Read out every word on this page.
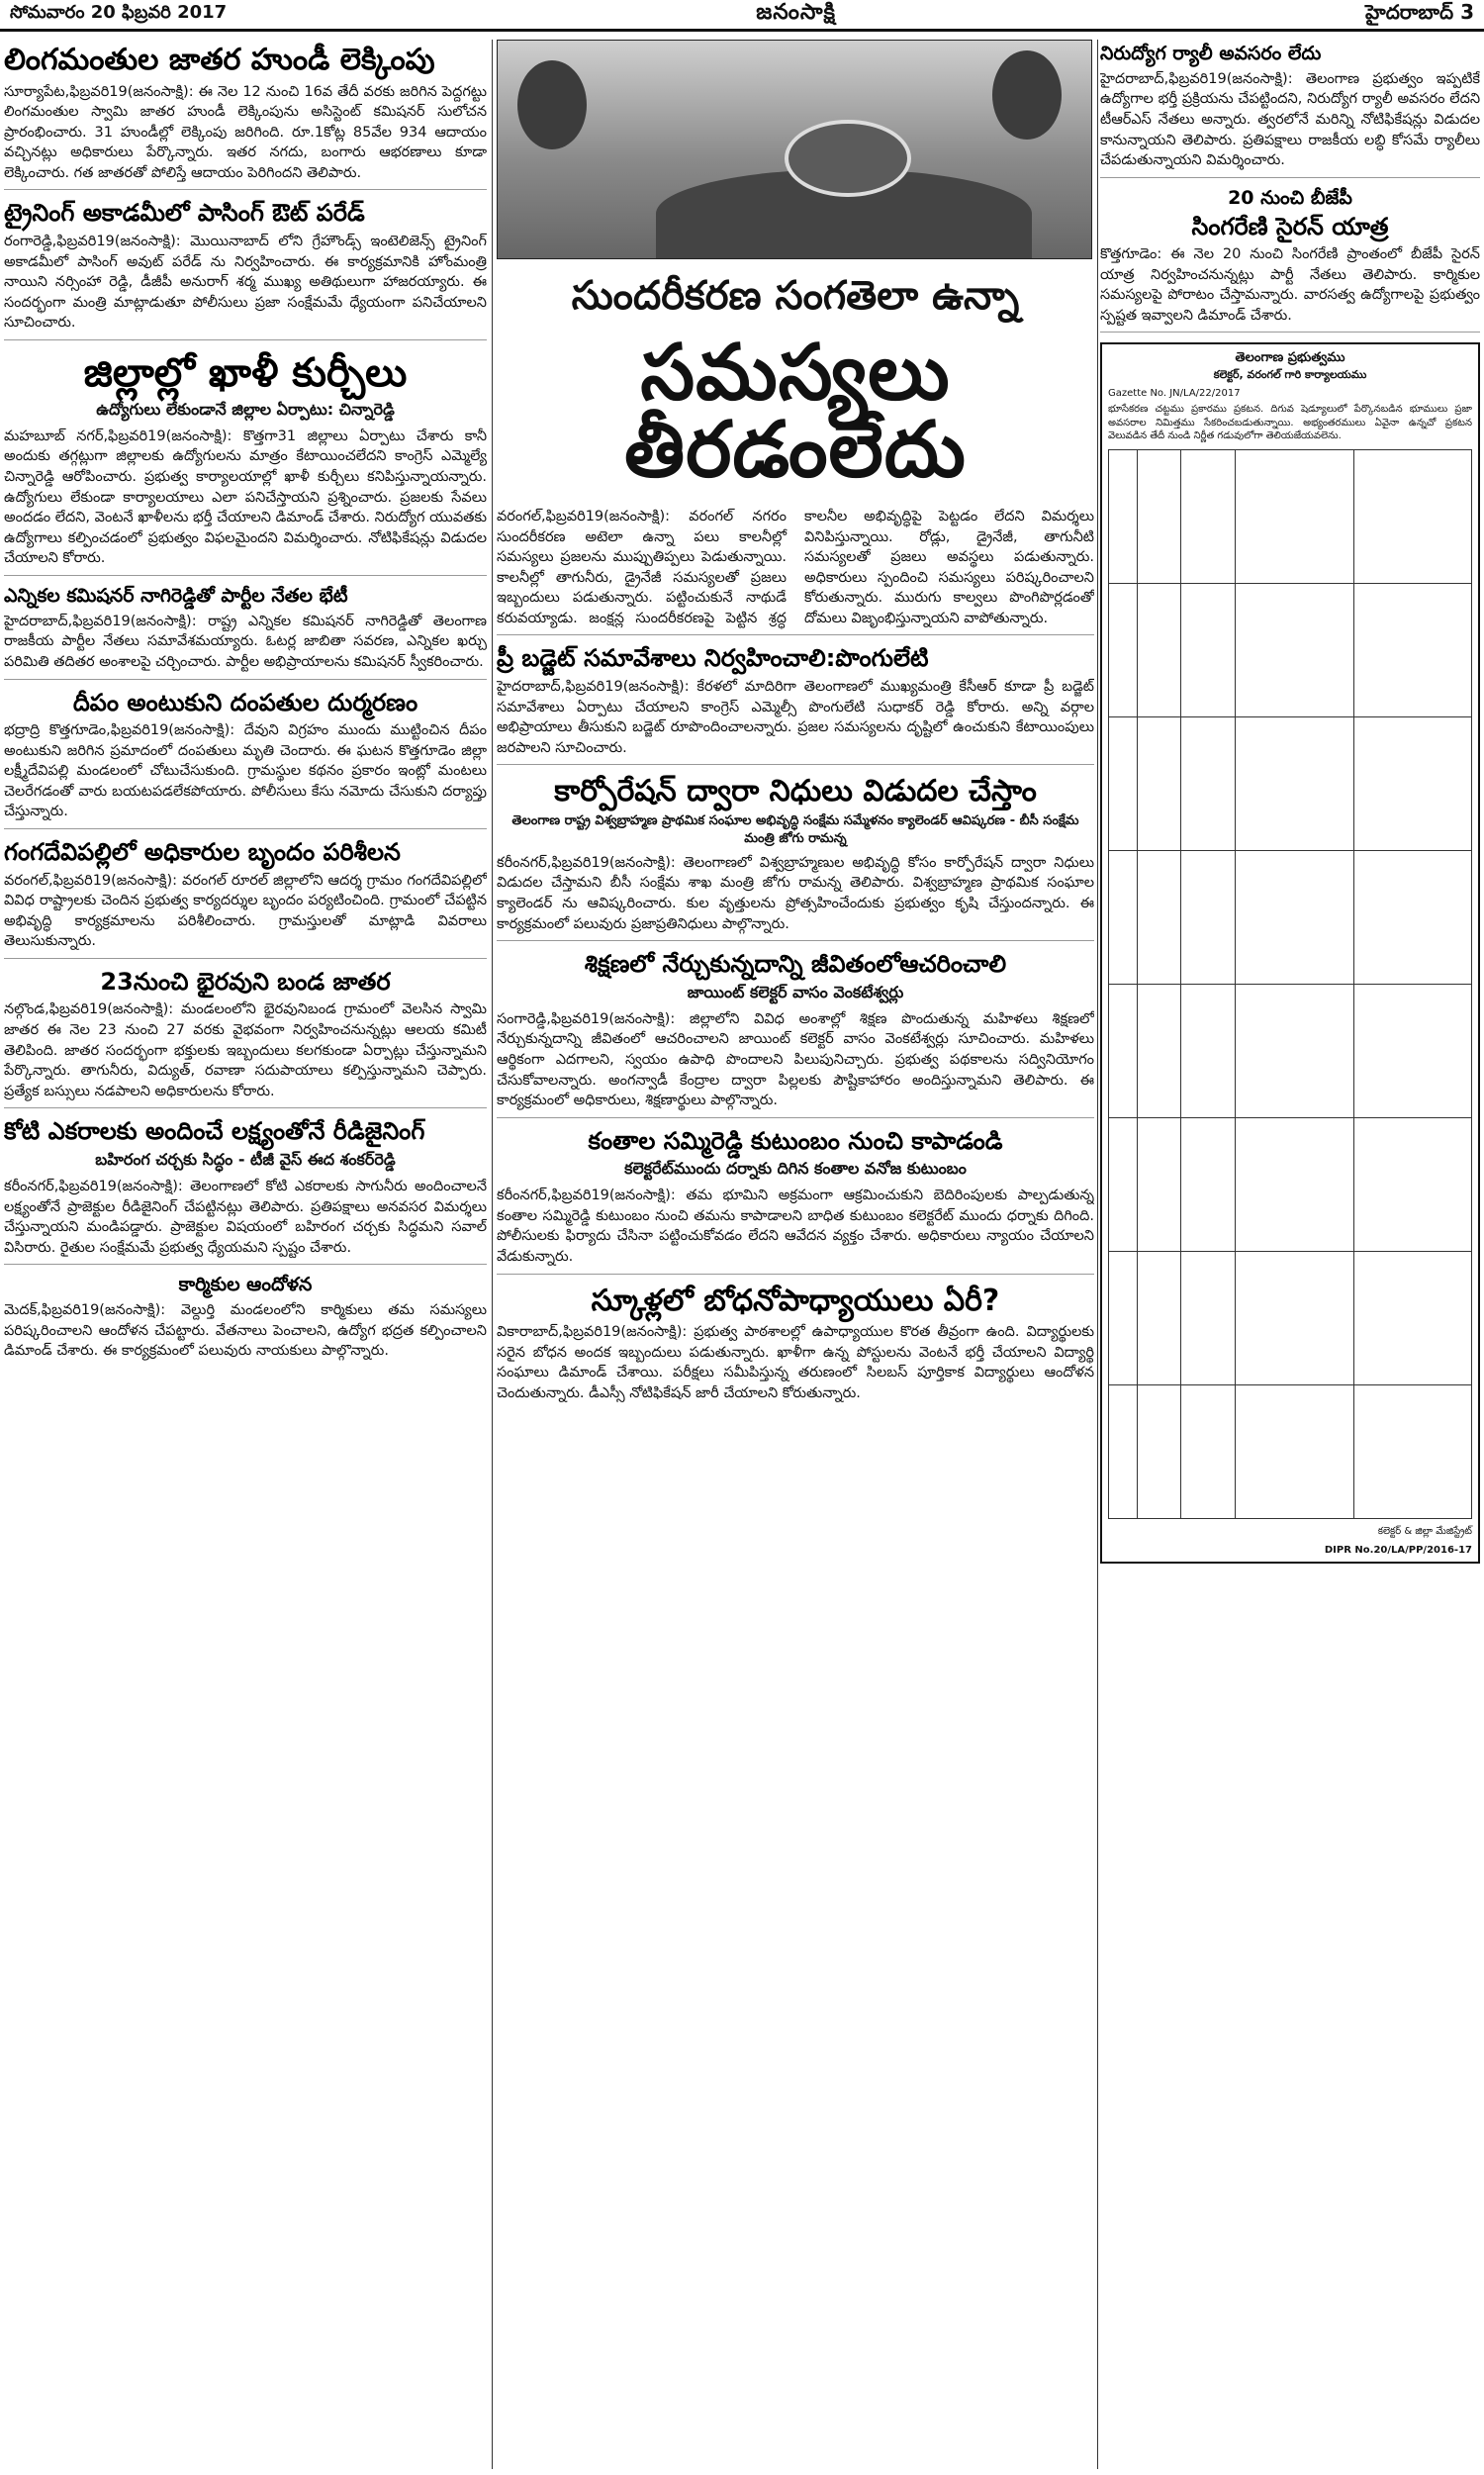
సోమవారం 20 ఫిబ్రవరి 2017	జనంసాక్షి	హైదరాబాద్ 3
లింగమంతుల జాతర హుండీ లెక్కింపు
సూర్యాపేట,ఫిబ్రవరి19(జనంసాక్షి): ఈ నెల 12 నుంచి 16వ తేదీ వరకు జరిగిన పెద్దగట్టు లింగమంతుల స్వామి జాతర హుండీ లెక్కింపును అసిస్టెంట్ కమిషనర్ సులోచన ప్రారంభించారు. 31 హుండీల్లో లెక్కింపు జరిగింది. రూ.1కోట్ల 85వేల 934 ఆదాయం వచ్చినట్లు అధికారులు పేర్కొన్నారు. ఇతర నగదు, బంగారు ఆభరణాలు కూడా లెక్కించారు. గత జాతరతో పోలిస్తే ఆదాయం పెరిగిందని తెలిపారు.
ట్రైనింగ్ అకాడమీలో పాసింగ్ ఔట్ పరేడ్
రంగారెడ్డి,ఫిబ్రవరి19(జనంసాక్షి): మొయినాబాద్ లోని గ్రేహౌండ్స్ ఇంటెలిజెన్స్ ట్రైనింగ్ అకాడమీలో పాసింగ్ అవుట్ పరేడ్ ను నిర్వహించారు. ఈ కార్యక్రమానికి హోంమంత్రి నాయిని నర్సింహా రెడ్డి, డీజీపీ అనురాగ్ శర్మ ముఖ్య అతిథులుగా హాజరయ్యారు. ఈ సందర్భంగా మంత్రి మాట్లాడుతూ పోలీసులు ప్రజా సంక్షేమమే ధ్యేయంగా పనిచేయాలని సూచించారు.
జిల్లాల్లో ఖాళీ కుర్చీలు
ఉద్యోగులు లేకుండానే జిల్లాల ఏర్పాటు: చిన్నారెడ్డి
మహబూబ్ నగర్,ఫిబ్రవరి19(జనంసాక్షి): కొత్తగా31 జిల్లాలు ఏర్పాటు చేశారు కానీ అందుకు తగ్గట్లుగా జిల్లాలకు ఉద్యోగులను మాత్రం కేటాయించలేదని కాంగ్రెస్ ఎమ్మెల్యే చిన్నారెడ్డి ఆరోపించారు. ప్రభుత్వ కార్యాలయాల్లో ఖాళీ కుర్చీలు కనిపిస్తున్నాయన్నారు. ఉద్యోగులు లేకుండా కార్యాలయాలు ఎలా పనిచేస్తాయని ప్రశ్నించారు. ప్రజలకు సేవలు అందడం లేదని, వెంటనే ఖాళీలను భర్తీ చేయాలని డిమాండ్ చేశారు. నిరుద్యోగ యువతకు ఉద్యోగాలు కల్పించడంలో ప్రభుత్వం విఫలమైందని విమర్శించారు. నోటిఫికేషన్లు విడుదల చేయాలని కోరారు.
ఎన్నికల కమిషనర్ నాగిరెడ్డితో పార్టీల నేతల భేటీ
హైదరాబాద్,ఫిబ్రవరి19(జనంసాక్షి): రాష్ట్ర ఎన్నికల కమిషనర్ నాగిరెడ్డితో తెలంగాణ రాజకీయ పార్టీల నేతలు సమావేశమయ్యారు. ఓటర్ల జాబితా సవరణ, ఎన్నికల ఖర్చు పరిమితి తదితర అంశాలపై చర్చించారు. పార్టీల అభిప్రాయాలను కమిషనర్ స్వీకరించారు.
దీపం అంటుకుని దంపతుల దుర్మరణం
భద్రాద్రి కొత్తగూడెం,ఫిబ్రవరి19(జనంసాక్షి): దేవుని విగ్రహం ముందు ముట్టించిన దీపం అంటుకుని జరిగిన ప్రమాదంలో దంపతులు మృతి చెందారు. ఈ ఘటన కొత్తగూడెం జిల్లా లక్ష్మీదేవిపల్లి మండలంలో చోటుచేసుకుంది. గ్రామస్థుల కథనం ప్రకారం ఇంట్లో మంటలు చెలరేగడంతో వారు బయటపడలేకపోయారు. పోలీసులు కేసు నమోదు చేసుకుని దర్యాప్తు చేస్తున్నారు.
గంగదేవిపల్లిలో అధికారుల బృందం పరిశీలన
వరంగల్,ఫిబ్రవరి19(జనంసాక్షి): వరంగల్ రూరల్ జిల్లాలోని ఆదర్శ గ్రామం గంగదేవిపల్లిలో వివిధ రాష్ట్రాలకు చెందిన ప్రభుత్వ కార్యదర్శుల బృందం పర్యటించింది. గ్రామంలో చేపట్టిన అభివృద్ధి కార్యక్రమాలను పరిశీలించారు. గ్రామస్తులతో మాట్లాడి వివరాలు తెలుసుకున్నారు.
23నుంచి భైరవుని బండ జాతర
నల్గొండ,ఫిబ్రవరి19(జనంసాక్షి): మండలంలోని భైరవునిబండ గ్రామంలో వెలసిన స్వామి జాతర ఈ నెల 23 నుంచి 27 వరకు వైభవంగా నిర్వహించనున్నట్లు ఆలయ కమిటీ తెలిపింది. జాతర సందర్భంగా భక్తులకు ఇబ్బందులు కలగకుండా ఏర్పాట్లు చేస్తున్నామని పేర్కొన్నారు. తాగునీరు, విద్యుత్, రవాణా సదుపాయాలు కల్పిస్తున్నామని చెప్పారు. ప్రత్యేక బస్సులు నడపాలని అధికారులను కోరారు.
కోటి ఎకరాలకు అందించే లక్ష్యంతోనే రీడిజైనింగ్
బహిరంగ చర్చకు సిద్ధం - టీజీ వైస్ ఈద శంకర్‌రెడ్డి
కరీంనగర్,ఫిబ్రవరి19(జనంసాక్షి): తెలంగాణలో కోటి ఎకరాలకు సాగునీరు అందించాలనే లక్ష్యంతోనే ప్రాజెక్టుల రీడిజైనింగ్ చేపట్టినట్లు తెలిపారు. ప్రతిపక్షాలు అనవసర విమర్శలు చేస్తున్నాయని మండిపడ్డారు. ప్రాజెక్టుల విషయంలో బహిరంగ చర్చకు సిద్ధమని సవాల్ విసిరారు. రైతుల సంక్షేమమే ప్రభుత్వ ధ్యేయమని స్పష్టం చేశారు.
కార్మికుల ఆందోళన
మెదక్,ఫిబ్రవరి19(జనంసాక్షి): వెల్దుర్తి మండలంలోని కార్మికులు తమ సమస్యలు పరిష్కరించాలని ఆందోళన చేపట్టారు. వేతనాలు పెంచాలని, ఉద్యోగ భద్రత కల్పించాలని డిమాండ్ చేశారు. ఈ కార్యక్రమంలో పలువురు నాయకులు పాల్గొన్నారు.
సుందరీకరణ సంగతెలా ఉన్నా
సమస్యలు తీరడంలేదు
వరంగల్,ఫిబ్రవరి19(జనంసాక్షి): వరంగల్ నగరం సుందరీకరణ అటెలా ఉన్నా పలు కాలనీల్లో సమస్యలు ప్రజలను ముప్పుతిప్పలు పెడుతున్నాయి. కాలనీల్లో తాగునీరు, డ్రైనేజీ సమస్యలతో ప్రజలు ఇబ్బందులు పడుతున్నారు. పట్టించుకునే నాథుడే కరువయ్యాడు. జంక్షన్ల సుందరీకరణపై పెట్టిన శ్రద్ధ కాలనీల అభివృద్ధిపై పెట్టడం లేదని విమర్శలు వినిపిస్తున్నాయి. రోడ్లు, డ్రైనేజీ, తాగునీటి సమస్యలతో ప్రజలు అవస్థలు పడుతున్నారు. అధికారులు స్పందించి సమస్యలు పరిష్కరించాలని కోరుతున్నారు. మురుగు కాల్వలు పొంగిపొర్లడంతో దోమలు విజృంభిస్తున్నాయని వాపోతున్నారు.
ప్రీ బడ్జెట్ సమావేశాలు నిర్వహించాలి:పొంగులేటి
హైదరాబాద్,ఫిబ్రవరి19(జనంసాక్షి): కేరళలో మాదిరిగా తెలంగాణలో ముఖ్యమంత్రి కేసీఆర్ కూడా ప్రీ బడ్జెట్ సమావేశాలు ఏర్పాటు చేయాలని కాంగ్రెస్ ఎమ్మెల్సీ పొంగులేటి సుధాకర్ రెడ్డి కోరారు. అన్ని వర్గాల అభిప్రాయాలు తీసుకుని బడ్జెట్ రూపొందించాలన్నారు. ప్రజల సమస్యలను దృష్టిలో ఉంచుకుని కేటాయింపులు జరపాలని సూచించారు.
కార్పోరేషన్ ద్వారా నిధులు విడుదల చేస్తాం
తెలంగాణ రాష్ట్ర విశ్వబ్రాహ్మణ ప్రాథమిక సంఘాల అభివృద్ధి సంక్షేమ సమ్మేళనం క్యాలెండర్ ఆవిష్కరణ - బీసీ సంక్షేమ మంత్రి జోగు రామన్న
కరీంనగర్,ఫిబ్రవరి19(జనంసాక్షి): తెలంగాణలో విశ్వబ్రాహ్మణుల అభివృద్ధి కోసం కార్పోరేషన్ ద్వారా నిధులు విడుదల చేస్తామని బీసీ సంక్షేమ శాఖ మంత్రి జోగు రామన్న తెలిపారు. విశ్వబ్రాహ్మణ ప్రాథమిక సంఘాల క్యాలెండర్ ను ఆవిష్కరించారు. కుల వృత్తులను ప్రోత్సహించేందుకు ప్రభుత్వం కృషి చేస్తుందన్నారు. ఈ కార్యక్రమంలో పలువురు ప్రజాప్రతినిధులు పాల్గొన్నారు.
శిక్షణలో నేర్చుకున్నదాన్ని జీవితంలోఆచరించాలి
జాయింట్ కలెక్టర్ వాసం వెంకటేశ్వర్లు
సంగారెడ్డి,ఫిబ్రవరి19(జనంసాక్షి): జిల్లాలోని వివిధ అంశాల్లో శిక్షణ పొందుతున్న మహిళలు శిక్షణలో నేర్చుకున్నదాన్ని జీవితంలో ఆచరించాలని జాయింట్ కలెక్టర్ వాసం వెంకటేశ్వర్లు సూచించారు. మహిళలు ఆర్థికంగా ఎదగాలని, స్వయం ఉపాధి పొందాలని పిలుపునిచ్చారు. ప్రభుత్వ పథకాలను సద్వినియోగం చేసుకోవాలన్నారు. అంగన్వాడీ కేంద్రాల ద్వారా పిల్లలకు పౌష్టికాహారం అందిస్తున్నామని తెలిపారు. ఈ కార్యక్రమంలో అధికారులు, శిక్షణార్థులు పాల్గొన్నారు.
కంతాల సమ్మిరెడ్డి కుటుంబం నుంచి కాపాడండి
కలెక్టరేట్‌ముందు దర్నాకు దిగిన కంతాల వనోజ కుటుంబం
కరీంనగర్,ఫిబ్రవరి19(జనంసాక్షి): తమ భూమిని అక్రమంగా ఆక్రమించుకుని బెదిరింపులకు పాల్పడుతున్న కంతాల సమ్మిరెడ్డి కుటుంబం నుంచి తమను కాపాడాలని బాధిత కుటుంబం కలెక్టరేట్ ముందు ధర్నాకు దిగింది. పోలీసులకు ఫిర్యాదు చేసినా పట్టించుకోవడం లేదని ఆవేదన వ్యక్తం చేశారు. అధికారులు న్యాయం చేయాలని వేడుకున్నారు.
స్కూళ్లలో బోధనోపాధ్యాయులు ఏరీ?
వికారాబాద్,ఫిబ్రవరి19(జనంసాక్షి): ప్రభుత్వ పాఠశాలల్లో ఉపాధ్యాయుల కొరత తీవ్రంగా ఉంది. విద్యార్థులకు సరైన బోధన అందక ఇబ్బందులు పడుతున్నారు. ఖాళీగా ఉన్న పోస్టులను వెంటనే భర్తీ చేయాలని విద్యార్థి సంఘాలు డిమాండ్ చేశాయి. పరీక్షలు సమీపిస్తున్న తరుణంలో సిలబస్ పూర్తికాక విద్యార్థులు ఆందోళన చెందుతున్నారు. డీఎస్సీ నోటిఫికేషన్ జారీ చేయాలని కోరుతున్నారు.
నిరుద్యోగ ర్యాలీ అవసరం లేదు
హైదరాబాద్,ఫిబ్రవరి19(జనంసాక్షి): తెలంగాణ ప్రభుత్వం ఇప్పటికే ఉద్యోగాల భర్తీ ప్రక్రియను చేపట్టిందని, నిరుద్యోగ ర్యాలీ అవసరం లేదని టీఆర్ఎస్ నేతలు అన్నారు. త్వరలోనే మరిన్ని నోటిఫికేషన్లు విడుదల కానున్నాయని తెలిపారు. ప్రతిపక్షాలు రాజకీయ లబ్ధి కోసమే ర్యాలీలు చేపడుతున్నాయని విమర్శించారు.
20 నుంచి బీజేపీ
సింగరేణి సైరన్ యాత్ర
కొత్తగూడెం: ఈ నెల 20 నుంచి సింగరేణి ప్రాంతంలో బీజేపీ సైరన్ యాత్ర నిర్వహించనున్నట్లు పార్టీ నేతలు తెలిపారు. కార్మికుల సమస్యలపై పోరాటం చేస్తామన్నారు. వారసత్వ ఉద్యోగాలపై ప్రభుత్వం స్పష్టత ఇవ్వాలని డిమాండ్ చేశారు.
తెలంగాణ ప్రభుత్వము
కలెక్టర్, వరంగల్ గారి కార్యాలయము
Gazette No. JN/LA/22/2017
భూసేకరణ చట్టము ప్రకారము ప్రకటన. దిగువ షెడ్యూలులో పేర్కొనబడిన భూములు ప్రజా అవసరాల నిమిత్తము సేకరించబడుతున్నాయి. అభ్యంతరములు ఏవైనా ఉన్నచో ప్రకటన వెలువడిన తేదీ నుండి నిర్ణీత గడువులోగా తెలియజేయవలెను.

కలెక్టర్ & జిల్లా మేజిస్ట్రేట్
DIPR No.20/LA/PP/2016-17
